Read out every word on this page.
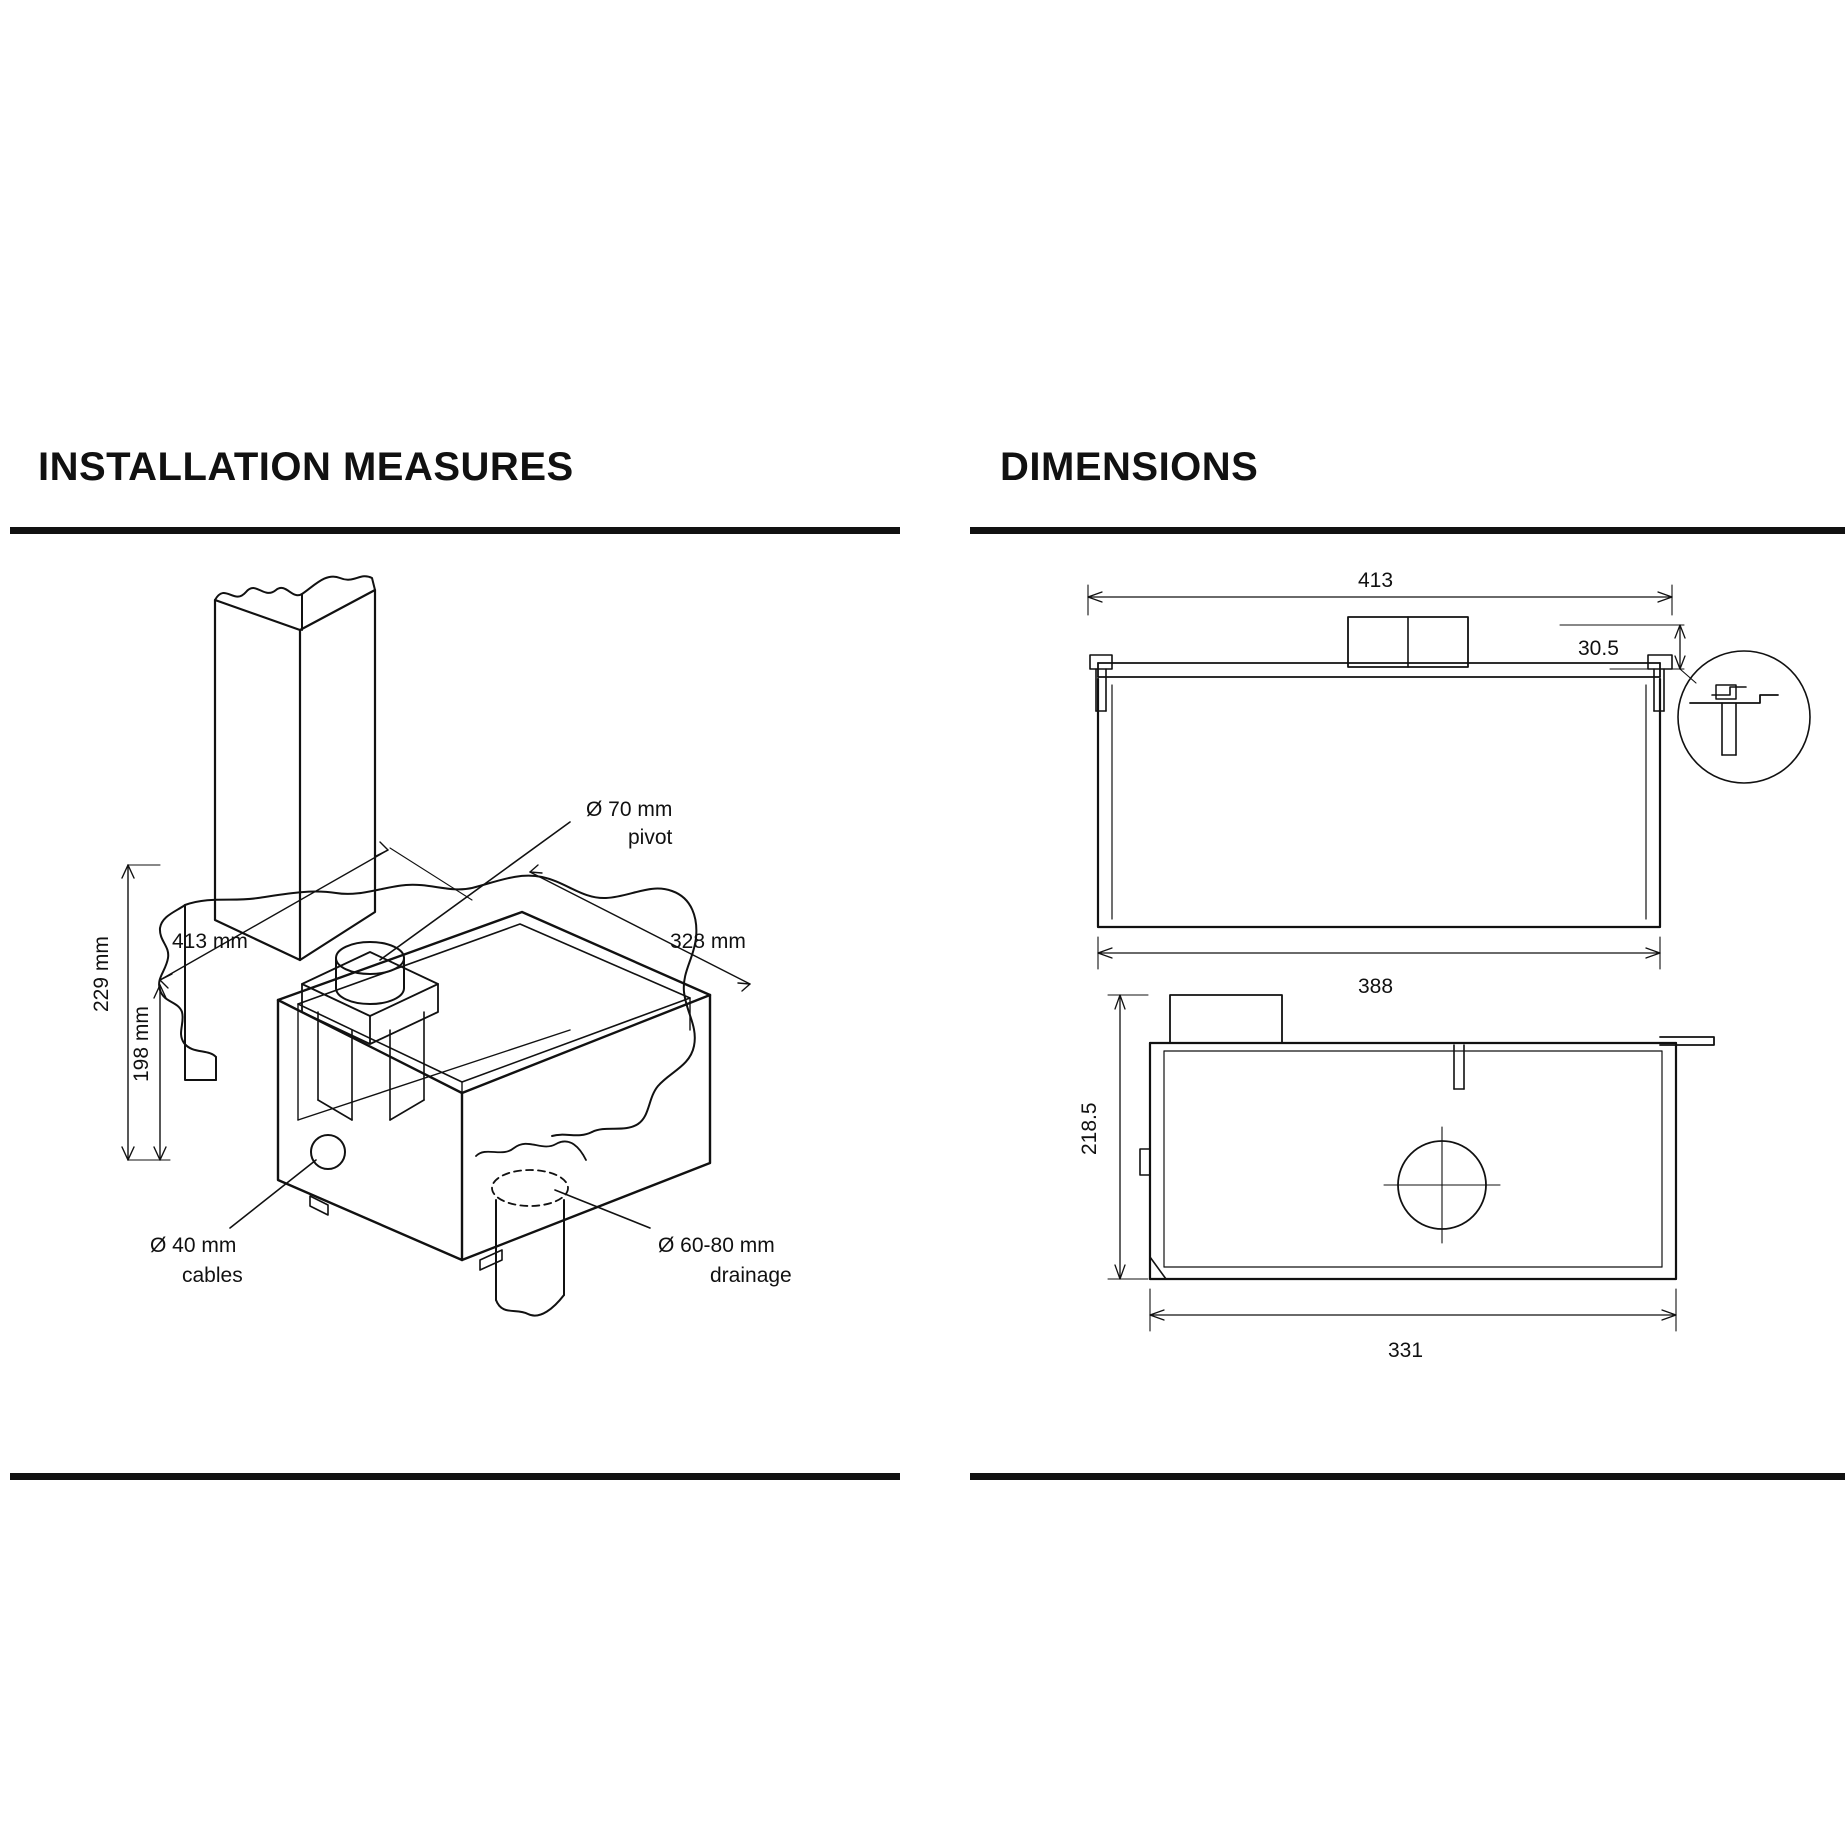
INSTALLATION MEASURES
Ø 70 mm
pivot
413 mm	328 mm
229 mm
198 mm
Ø 40 mm
cables
Ø 60-80 mm
drainage
DIMENSIONS
413
30.5
388
218.5
331
